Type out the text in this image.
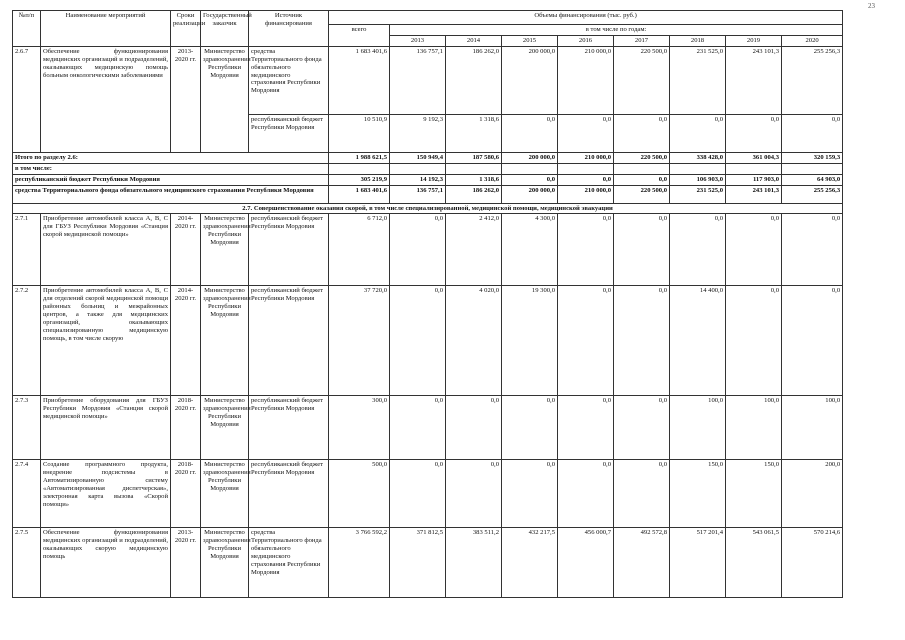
23
№п/п	Наименование мероприятий	Сроки реализации	Государственный заказчик	Источник финансирования	Объемы финансирования (тыс. руб.)								
					всего	в том числе по годам:							
						2013	2014	2015	2016	2017	2018	2019	2020
2.6.7	Обеспечение функционирования медицинских организаций и подразделений, оказывающих медицинскую помощь больным онкологическими заболеваниями	2013-2020 гг.	Министерство здравоохранения Республики Мордовия	средства Территориального фонда обязательного медицинского страхования Республики Мордовия	1 683 401,6	136 757,1	186 262,0	200 000,0	210 000,0	220 500,0	231 525,0	243 101,3	255 256,3
				республиканский бюджет Республики Мордовия	10 510,9	9 192,3	1 318,6	0,0	0,0	0,0	0,0	0,0	0,0
Итого по разделу 2.6:					1 988 621,5	150 949,4	187 580,6	200 000,0	210 000,0	220 500,0	338 428,0	361 004,3	320 159,3
в том числе:													
республиканский бюджет Республики Мордовия					305 219,9	14 192,3	1 318,6	0,0	0,0	0,0	106 903,0	117 903,0	64 903,0
средства Территориального фонда обязательного медицинского страхования Республики Мордовия					1 683 401,6	136 757,1	186 262,0	200 000,0	210 000,0	220 500,0	231 525,0	243 101,3	255 256,3
2.7. Совершенствование оказания скорой, в том числе специализированной, медицинской помощи, медицинской эвакуации													
2.7.1	Приобретение автомобилей класса А, В, С для ГБУЗ Республики Мордовия «Станция скорой медицинской помощи»	2014-2020 гг.	Министерство здравоохранения Республики Мордовия	республиканский бюджет Республики Мордовия	6 712,0	0,0	2 412,0	4 300,0	0,0	0,0	0,0	0,0	0,0
2.7.2	Приобретение автомобилей класса А, В, С для отделений скорой медицинской помощи районных больниц и межрайонных центров, а также для медицинских организаций, оказывающих специализированную медицинскую помощь, в том числе скорую	2014-2020 гг.	Министерство здравоохранения Республики Мордовия	республиканский бюджет Республики Мордовия	37 720,0	0,0	4 020,0	19 300,0	0,0	0,0	14 400,0	0,0	0,0
2.7.3	Приобретение оборудования для ГБУЗ Республики Мордовия «Станция скорой медицинской помощи»	2018-2020 гг.	Министерство здравоохранения Республики Мордовия	республиканский бюджет Республики Мордовия	300,0	0,0	0,0	0,0	0,0	0,0	100,0	100,0	100,0
2.7.4	Создание программного продукта, внедрение подсистемы в Автоматизированную систему «Автоматизированная диспетчерская», электронная карта вызова «Скорой помощи»	2018-2020 гг.	Министерство здравоохранения Республики Мордовия	республиканский бюджет Республики Мордовия	500,0	0,0	0,0	0,0	0,0	0,0	150,0	150,0	200,0
2.7.5	Обеспечение функционирования медицинских организаций и подразделений, оказывающих скорую медицинскую помощь	2013-2020 гг.	Министерство здравоохранения Республики Мордовия	средства Территориального фонда обязательного медицинского страхования Республики Мордовия	3 766 592,2	371 812,5	383 511,2	432 217,5	456 000,7	492 572,8	517 201,4	543 061,5	570 214,6
